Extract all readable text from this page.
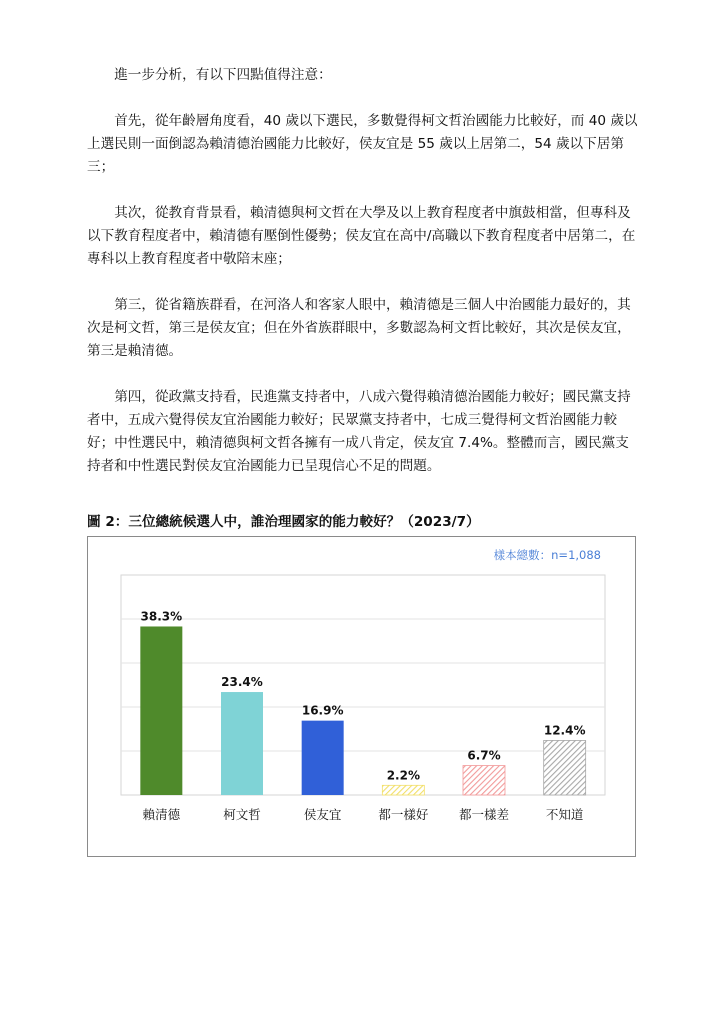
進一步分析，有以下四點值得注意：

首先，從年齡層角度看，40 歲以下選民，多數覺得柯文哲治國能力比較好，而 40 歲以上選民則一面倒認為賴清德治國能力比較好，侯友宜是 55 歲以上居第二，54 歲以下居第三；

其次，從教育背景看，賴清德與柯文哲在大學及以上教育程度者中旗鼓相當，但專科及以下教育程度者中，賴清德有壓倒性優勢；侯友宜在高中/高職以下教育程度者中居第二，在專科以上教育程度者中敬陪末座；

第三，從省籍族群看，在河洛人和客家人眼中，賴清德是三個人中治國能力最好的，其次是柯文哲，第三是侯友宜；但在外省族群眼中，多數認為柯文哲比較好，其次是侯友宜，第三是賴清德。

第四，從政黨支持看，民進黨支持者中，八成六覺得賴清德治國能力較好；國民黨支持者中，五成六覺得侯友宜治國能力較好；民眾黨支持者中，七成三覺得柯文哲治國能力較好；中性選民中，賴清德與柯文哲各擁有一成八肯定，侯友宜 7.4%。整體而言，國民黨支持者和中性選民對侯友宜治國能力已呈現信心不足的問題。

圖 2：三位總統候選人中，誰治理國家的能力較好？（2023/7）
樣本總數：n=1,088
38.3%
賴清德
23.4%
柯文哲
16.9%
侯友宜
2.2%
都一樣好
6.7%
都一樣差
12.4%
不知道
